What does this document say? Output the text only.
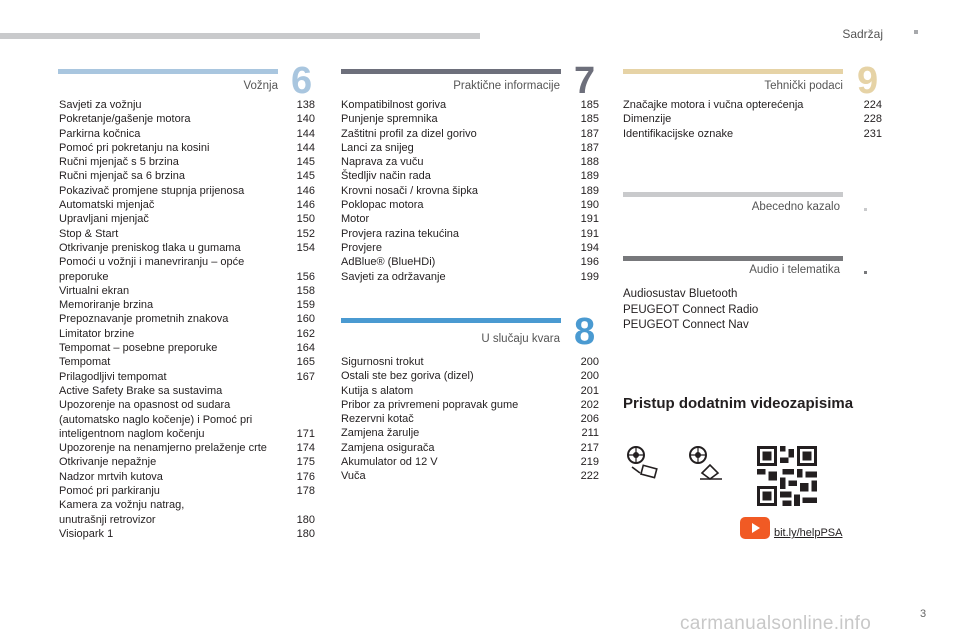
Sadržaj
Vožnja 6
Savjeti za vožnju	138
Pokretanje/gašenje motora	140
Parkirna kočnica	144
Pomoć pri pokretanju na kosini	144
Ručni mjenjač s 5 brzina	145
Ručni mjenjač sa 6 brzina	145
Pokazivač promjene stupnja prijenosa	146
Automatski mjenjač	146
Upravljani mjenjač	150
Stop & Start	152
Otkrivanje preniskog tlaka u gumama	154
Pomoći u vožnji i manevriranju – opće
preporuke	156
Virtualni ekran	158
Memoriranje brzina	159
Prepoznavanje prometnih znakova	160
Limitator brzine	162
Tempomat – posebne preporuke	164
Tempomat	165
Prilagodljivi tempomat	167
Active Safety Brake sa sustavima
Upozorenje na opasnost od sudara
(automatsko naglo kočenje) i Pomoć pri
inteligentnom naglom kočenju	171
Upozorenje na nenamjerno prelaženje crte	174
Otkrivanje nepažnje	175
Nadzor mrtvih kutova	176
Pomoć pri parkiranju	178
Kamera za vožnju natrag,
unutrašnji retrovizor	180
Visiopark 1	180
Praktične informacije 7
Kompatibilnost goriva	185
Punjenje spremnika	185
Zaštitni profil za dizel gorivo	187
Lanci za snijeg	187
Naprava za vuču	188
Štedljiv način rada	189
Krovni nosači / krovna šipka	189
Poklopac motora	190
Motor	191
Provjera razina tekućina	191
Provjere	194
AdBlue® (BlueHDi)	196
Savjeti za održavanje	199
U slučaju kvara 8
Sigurnosni trokut	200
Ostali ste bez goriva (dizel)	200
Kutija s alatom	201
Pribor za privremeni popravak gume	202
Rezervni kotač	206
Zamjena žarulje	211
Zamjena osigurača	217
Akumulator od 12 V	219
Vuča	222
Tehnički podaci 9
Značajke motora i vučna opterećenja	224
Dimenzije	228
Identifikacijske oznake	231
Abecedno kazalo
Audio i telematika
Audiosustav Bluetooth
PEUGEOT Connect Radio
PEUGEOT Connect Nav
Pristup dodatnim videozapisima
bit.ly/helpPSA
carmanualsonline.info	3
